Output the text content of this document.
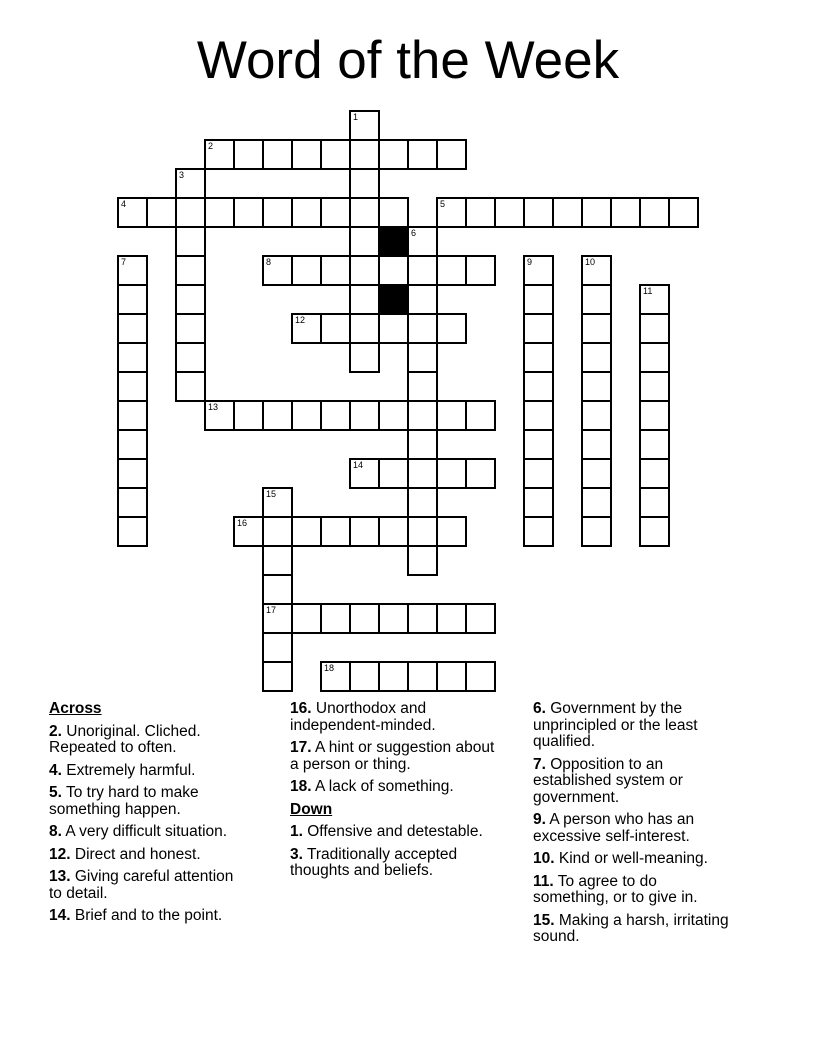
Word of the Week
1
2
3
4	5
6
7	8	9	10
11
12
13
14
15
17
16
18

Across

2. Unoriginal. Cliched. Repeated to often.

4. Extremely harmful.

5. To try hard to make something happen.

8. A very difficult situation.

12. Direct and honest.

13. Giving careful attention to detail.

14. Brief and to the point.

16. Unorthodox and independent-minded.

17. A hint or suggestion about a person or thing.

18. A lack of something.

Down

1. Offensive and detestable.

3. Traditionally accepted thoughts and beliefs.

6. Government by the unprincipled or the least qualified.

7. Opposition to an established system or government.

9. A person who has an excessive self-interest.

10. Kind or well-meaning.

11. To agree to do something, or to give in.

15. Making a harsh, irritating sound.
